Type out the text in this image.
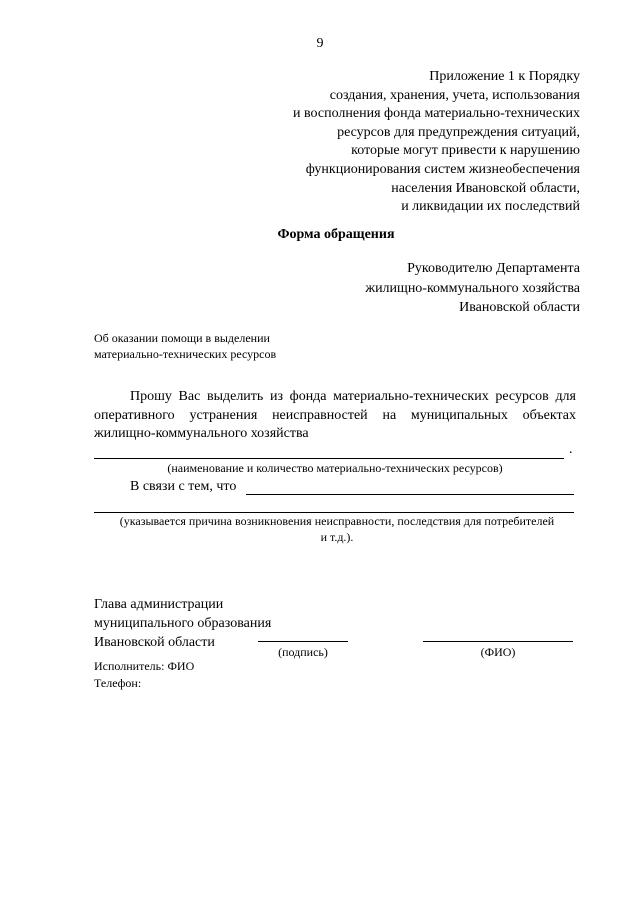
9
Приложение 1 к Порядку
создания, хранения, учета, использования
и восполнения фонда материально-технических
ресурсов для предупреждения ситуаций,
которые могут привести к нарушению
функционирования систем жизнеобеспечения
населения Ивановской области,
и ликвидации их последствий
Форма обращения
Руководителю Департамента
жилищно-коммунального хозяйства
Ивановской области
Об оказании помощи в выделении
материально-технических ресурсов
Прошу Вас выделить из фонда материально-технических ресурсов для оперативного устранения неисправностей на муниципальных объектах жилищно-коммунального хозяйства
.
(наименование и количество материально-технических ресурсов)
В связи с тем, что
(указывается причина возникновения неисправности, последствия для потребителей
и т.д.).
Глава администрации
муниципального образования
Ивановской области
(подпись)	(ФИО)
Исполнитель: ФИО
Телефон:
